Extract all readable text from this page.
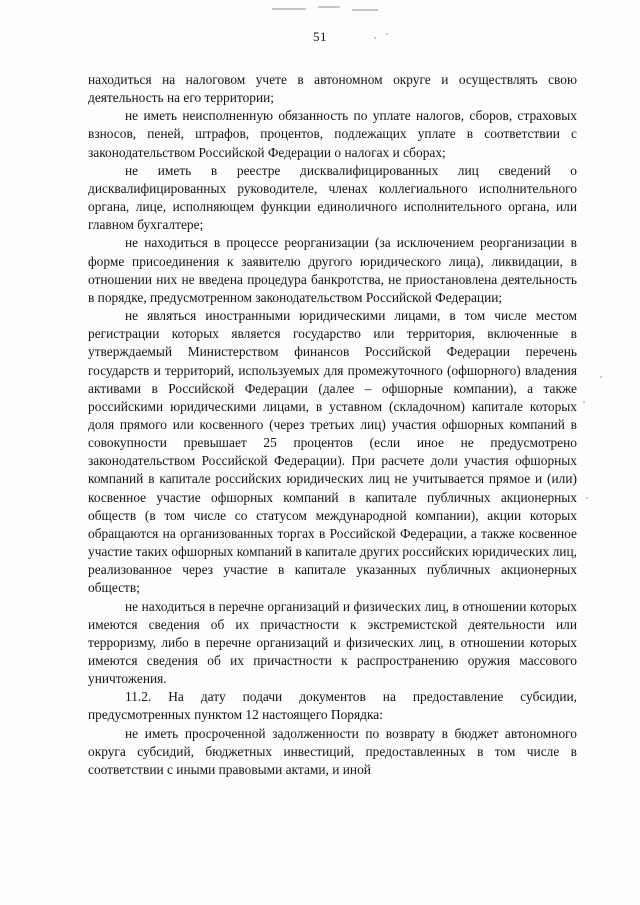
51

находиться на налоговом учете в автономном округе и осуществлять свою деятельность на его территории;

не иметь неисполненную обязанность по уплате налогов, сборов, страховых взносов, пеней, штрафов, процентов, подлежащих уплате в соответствии с законодательством Российской Федерации о налогах и сборах;

не иметь в реестре дисквалифицированных лиц сведений о дисквалифицированных руководителе, членах коллегиального исполнительного органа, лице, исполняющем функции единоличного исполнительного органа, или главном бухгалтере;

не находиться в процессе реорганизации (за исключением реорганизации в форме присоединения к заявителю другого юридического лица), ликвидации, в отношении них не введена процедура банкротства, не приостановлена деятельность в порядке, предусмотренном законодательством Российской Федерации;

не являться иностранными юридическими лицами, в том числе местом регистрации которых является государство или территория, включенные в утверждаемый Министерством финансов Российской Федерации перечень государств и территорий, используемых для промежуточного (офшорного) владения активами в Российской Федерации (далее – офшорные компании), а также российскими юридическими лицами, в уставном (складочном) капитале которых доля прямого или косвенного (через третьих лиц) участия офшорных компаний в совокупности превышает 25 процентов (если иное не предусмотрено законодательством Российской Федерации). При расчете доли участия офшорных компаний в капитале российских юридических лиц не учитывается прямое и (или) косвенное участие офшорных компаний в капитале публичных акционерных обществ (в том числе со статусом международной компании), акции которых обращаются на организованных торгах в Российской Федерации, а также косвенное участие таких офшорных компаний в капитале других российских юридических лиц, реализованное через участие в капитале указанных публичных акционерных обществ;

не находиться в перечне организаций и физических лиц, в отношении которых имеются сведения об их причастности к экстремистской деятельности или терроризму, либо в перечне организаций и физических лиц, в отношении которых имеются сведения об их причастности к распространению оружия массового уничтожения.

11.2. На дату подачи документов на предоставление субсидии, предусмотренных пунктом 12 настоящего Порядка:

не иметь просроченной задолженности по возврату в бюджет автономного округа субсидий, бюджетных инвестиций, предоставленных в том числе в соответствии с иными правовыми актами, и иной
